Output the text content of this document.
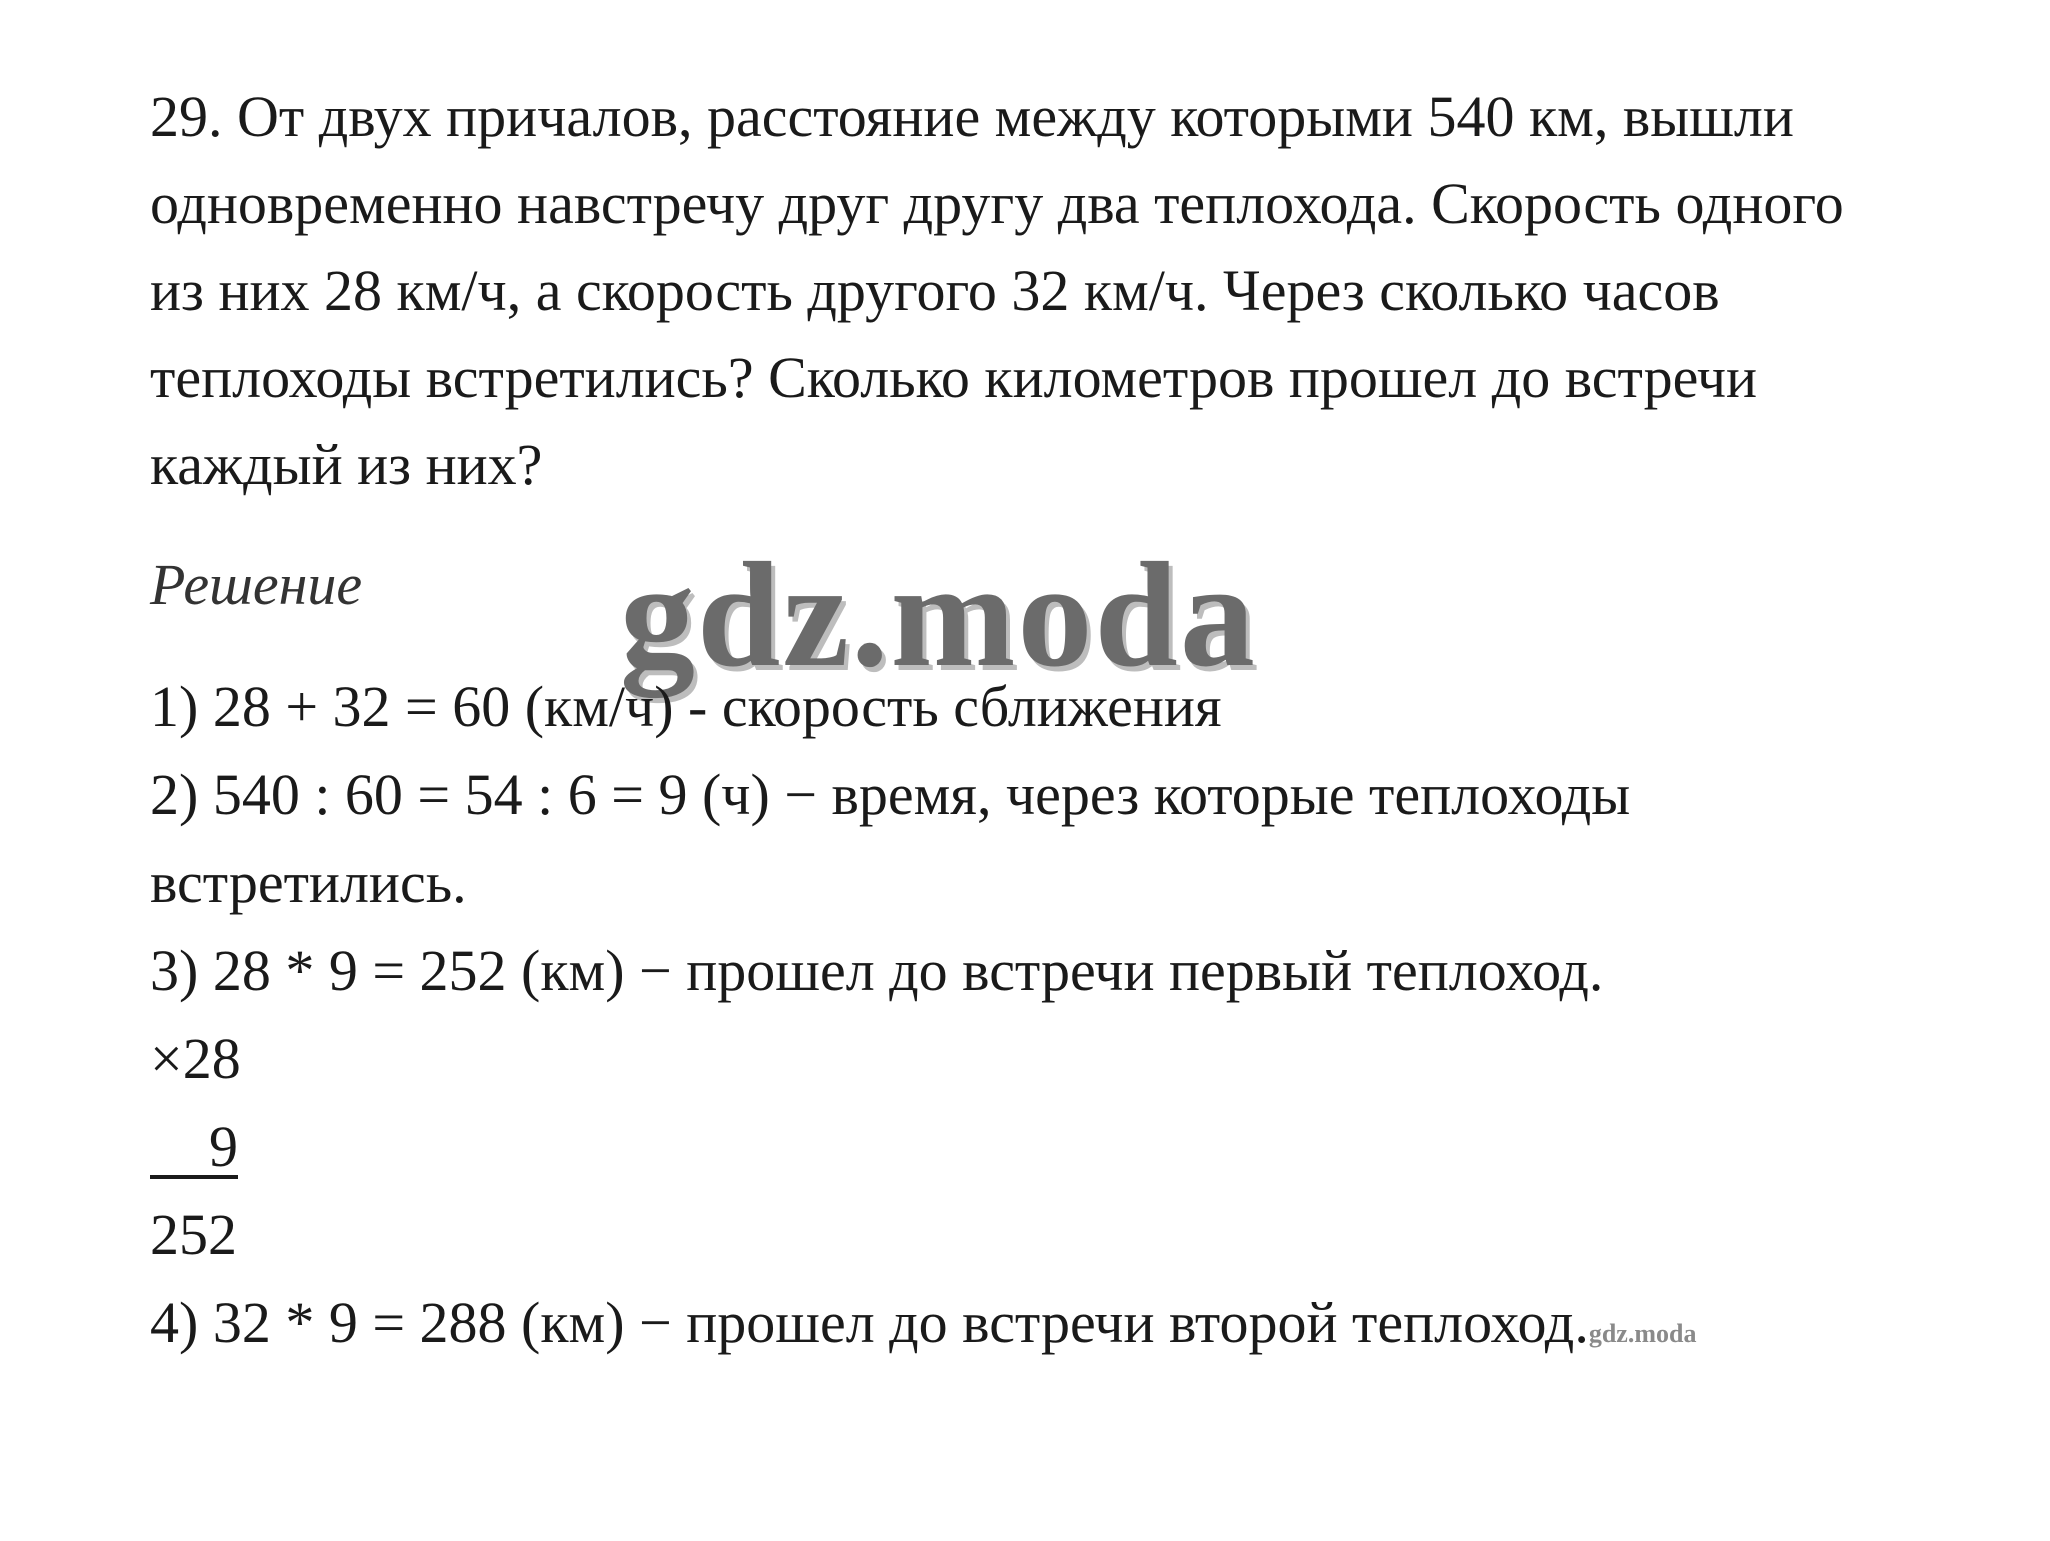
29. От двух причалов, расстояние между которыми 540 км, вышли
одновременно навстречу друг другу два теплохода. Скорость одного
из них 28 км/ч, а скорость другого 32 км/ч. Через сколько часов
теплоходы встретились? Сколько километров прошел до встречи
каждый из них?
Решение gdz.moda
1) 28 + 32 = 60 (км/ч) - скорость сближения
2) 540 : 60 = 54 : 6 = 9 (ч) − время, через которые теплоходы
встретились.
3) 28 * 9 = 252 (км) − прошел до встречи первый теплоход.
×28
9
252
4) 32 * 9 = 288 (км) − прошел до встречи второй теплоход.gdz.moda
